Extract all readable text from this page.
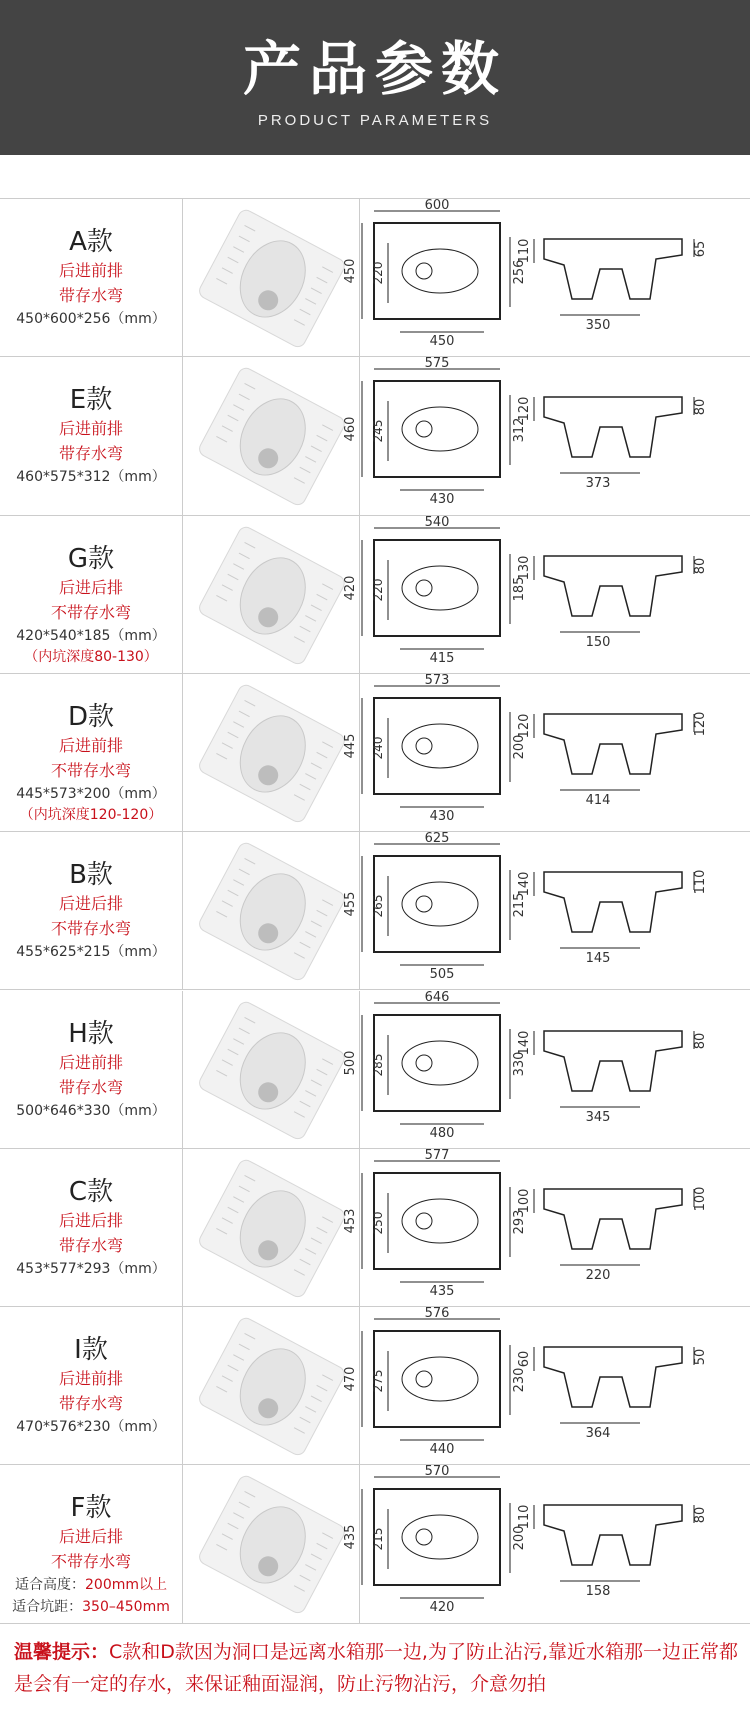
产品参数
PRODUCT PARAMETERS
A款
后进前排
带存水弯
450*600*256（mm）
600
450
450 220	256
110	65
350
E款
后进前排
带存水弯
460*575*312（mm）
575
430
460 245	312
120	80
373
G款
后进后排
不带存水弯
420*540*185（mm）
（内坑深度80-130）
540
415
420 220	185
130	80
150
D款
后进前排
不带存水弯
445*573*200（mm）
（内坑深度120-120）
573
430
445 240	200
120	120
414
B款
后进后排
不带存水弯
455*625*215（mm）
625
505
455 265	215
140	110
145
H款
后进前排
带存水弯
500*646*330（mm）
646
480
500 285	330
140	80
345
C款
后进后排
带存水弯
453*577*293（mm）
577
435
453 250	293
100	100
220
I款
后进前排
带存水弯
470*576*230（mm）
576
440
470 275	230
60	50
364
F款
后进后排
不带存水弯
适合高度：200mm以上
适合坑距：350–450mm
570
420
435 215	200
110	80
158
温馨提示：C款和D款因为洞口是远离水箱那一边,为了防止沾污,靠近水箱那一边正常都是会有一定的存水，来保证釉面湿润，防止污物沾污，介意勿拍
